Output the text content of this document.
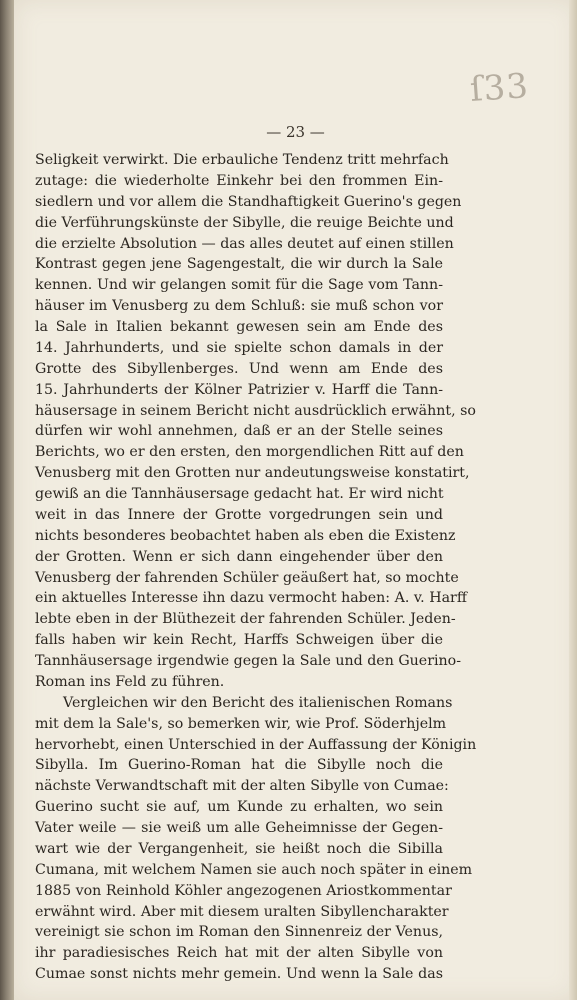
ſ33
— 23 —
Seligkeit verwirkt. Die erbauliche Tendenz tritt mehrfach
zutage: die wiederholte Einkehr bei den frommen Ein-
siedlern und vor allem die Standhaftigkeit Guerino's gegen
die Verführungskünste der Sibylle, die reuige Beichte und
die erzielte Absolution — das alles deutet auf einen stillen
Kontrast gegen jene Sagengestalt, die wir durch la Sale
kennen. Und wir gelangen somit für die Sage vom Tann-
häuser im Venusberg zu dem Schluß: sie muß schon vor
la Sale in Italien bekannt gewesen sein am Ende des
14. Jahrhunderts, und sie spielte schon damals in der
Grotte des Sibyllenberges. Und wenn am Ende des
15. Jahrhunderts der Kölner Patrizier v. Harff die Tann-
häusersage in seinem Bericht nicht ausdrücklich erwähnt, so
dürfen wir wohl annehmen, daß er an der Stelle seines
Berichts, wo er den ersten, den morgendlichen Ritt auf den
Venusberg mit den Grotten nur andeutungsweise konstatirt,
gewiß an die Tannhäusersage gedacht hat. Er wird nicht
weit in das Innere der Grotte vorgedrungen sein und
nichts besonderes beobachtet haben als eben die Existenz
der Grotten. Wenn er sich dann eingehender über den
Venusberg der fahrenden Schüler geäußert hat, so mochte
ein aktuelles Interesse ihn dazu vermocht haben: A. v. Harff
lebte eben in der Blüthezeit der fahrenden Schüler. Jeden-
falls haben wir kein Recht, Harffs Schweigen über die
Tannhäusersage irgendwie gegen la Sale und den Guerino-
Roman ins Feld zu führen.
Vergleichen wir den Bericht des italienischen Romans
mit dem la Sale's, so bemerken wir, wie Prof. Söderhjelm
hervorhebt, einen Unterschied in der Auffassung der Königin
Sibylla. Im Guerino-Roman hat die Sibylle noch die
nächste Verwandtschaft mit der alten Sibylle von Cumae:
Guerino sucht sie auf, um Kunde zu erhalten, wo sein
Vater weile — sie weiß um alle Geheimnisse der Gegen-
wart wie der Vergangenheit, sie heißt noch die Sibilla
Cumana, mit welchem Namen sie auch noch später in einem
1885 von Reinhold Köhler angezogenen Ariostkommentar
erwähnt wird. Aber mit diesem uralten Sibyllencharakter
vereinigt sie schon im Roman den Sinnenreiz der Venus,
ihr paradiesisches Reich hat mit der alten Sibylle von
Cumae sonst nichts mehr gemein. Und wenn la Sale das
